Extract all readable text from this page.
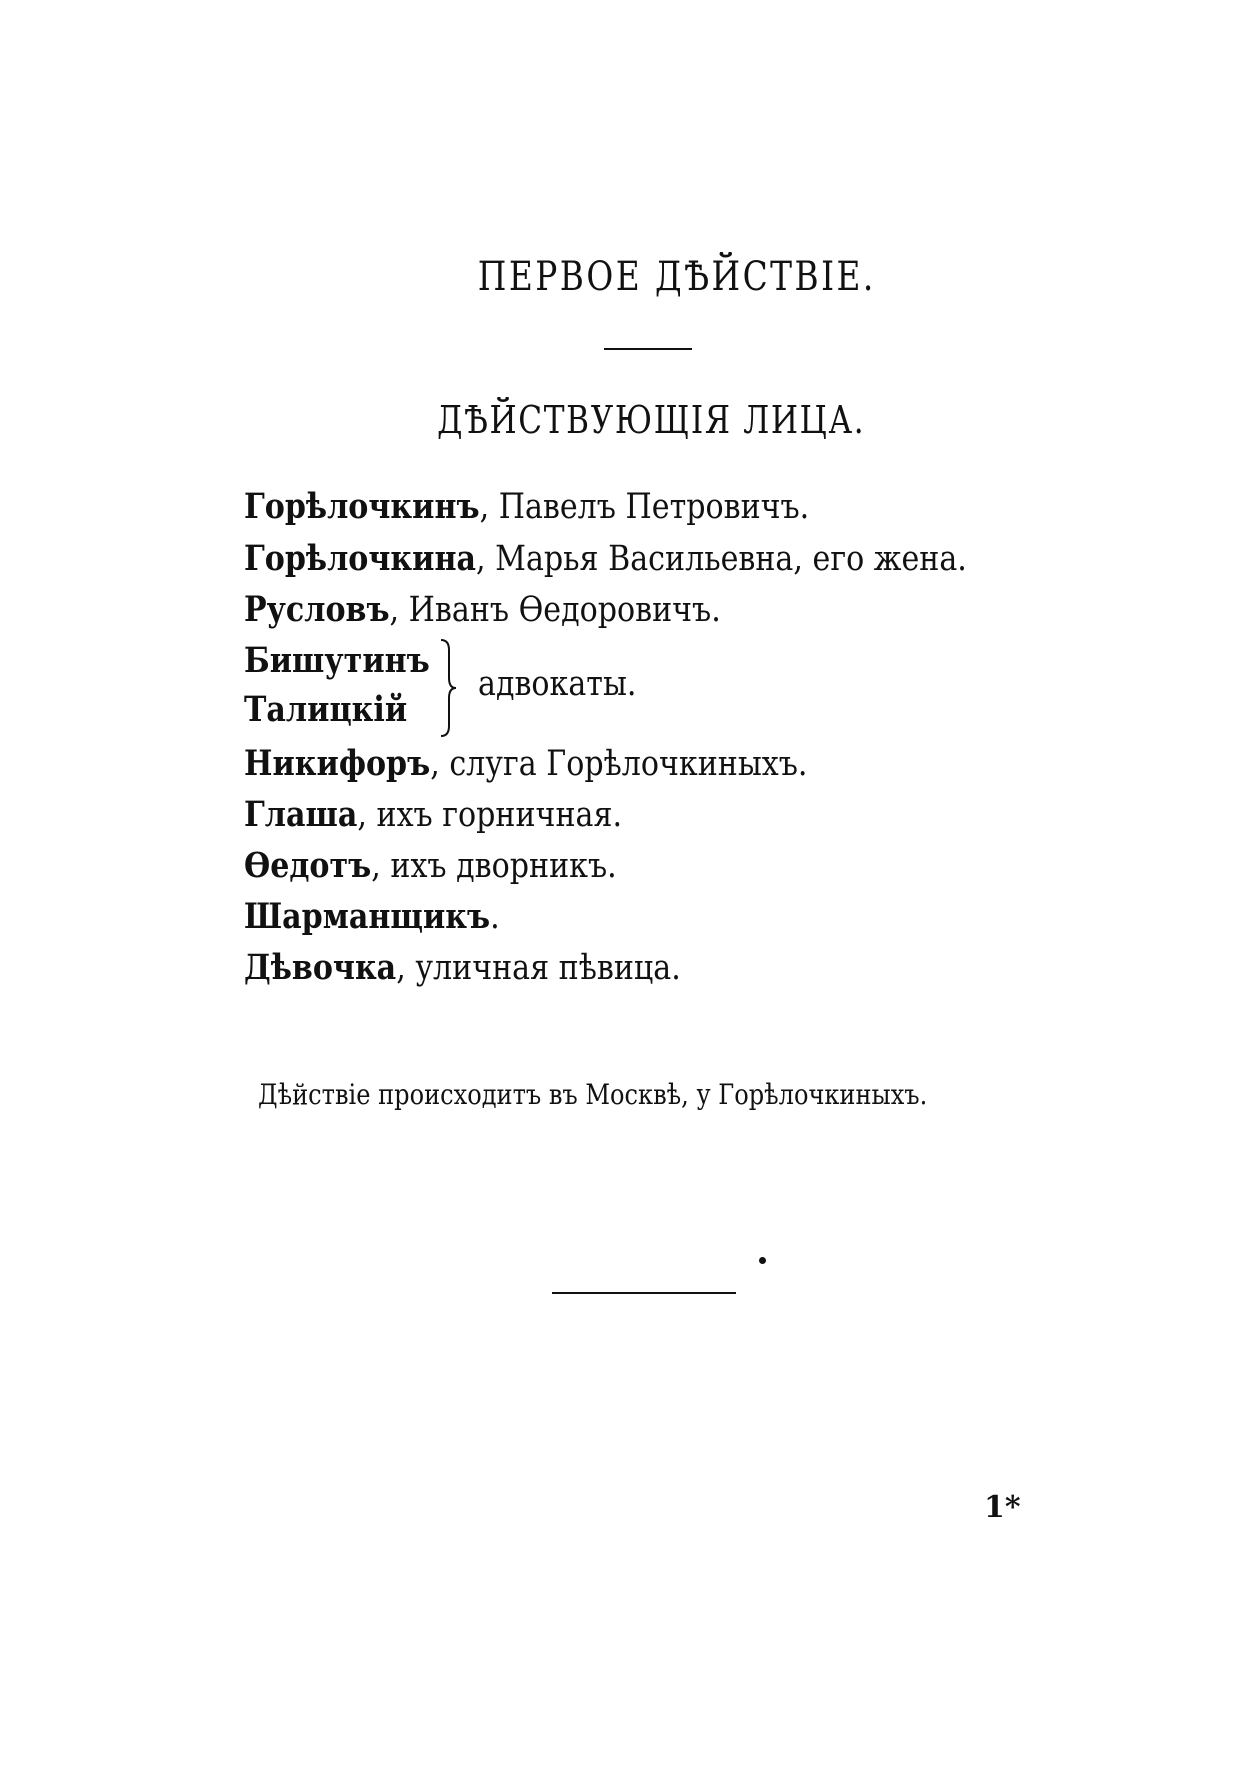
ПЕРВОЕ ДѢЙСТВІЕ.
ДѢЙСТВУЮЩІЯ ЛИЦА.
Горѣлочкинъ, Павелъ Петровичъ.
Горѣлочкина, Марья Васильевна, его жена.
Русловъ, Иванъ Ѳедоровичъ.
Бишутинъ
Талицкій
адвокаты.
Никифоръ, слуга Горѣлочкиныхъ.
Глаша, ихъ горничная.
Ѳедотъ, ихъ дворникъ.
Шарманщикъ.
Дѣвочка, уличная пѣвица.
Дѣйствіе происходитъ въ Москвѣ, у Горѣлочкиныхъ.
1*
